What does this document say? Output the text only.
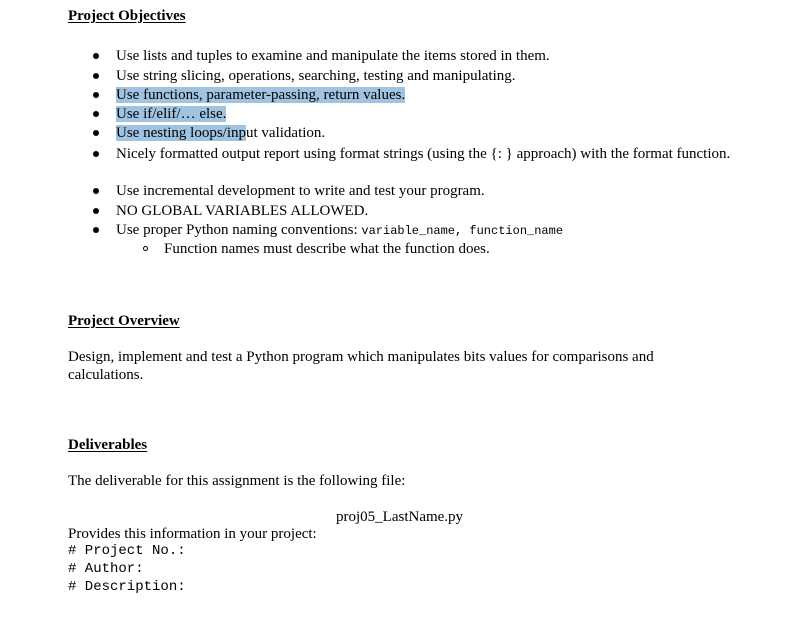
Project Objectives
Use lists and tuples to examine and manipulate the items stored in them.
Use string slicing, operations, searching, testing and manipulating.
Use functions, parameter-passing, return values.
Use if/elif/… else.
Use nesting loops/input validation.
Nicely formatted output report using format strings (using the {: } approach) with the format function.
Use incremental development to write and test your program.
NO GLOBAL VARIABLES ALLOWED.
Use proper Python naming conventions: variable_name, function_name
Function names must describe what the function does.
Project Overview

Design, implement and test a Python program which manipulates bits values for comparisons and calculations.

Deliverables

The deliverable for this assignment is the following file:

proj05_LastName.py

Provides this information in your project:

# Project No.:
# Author:
# Description:
